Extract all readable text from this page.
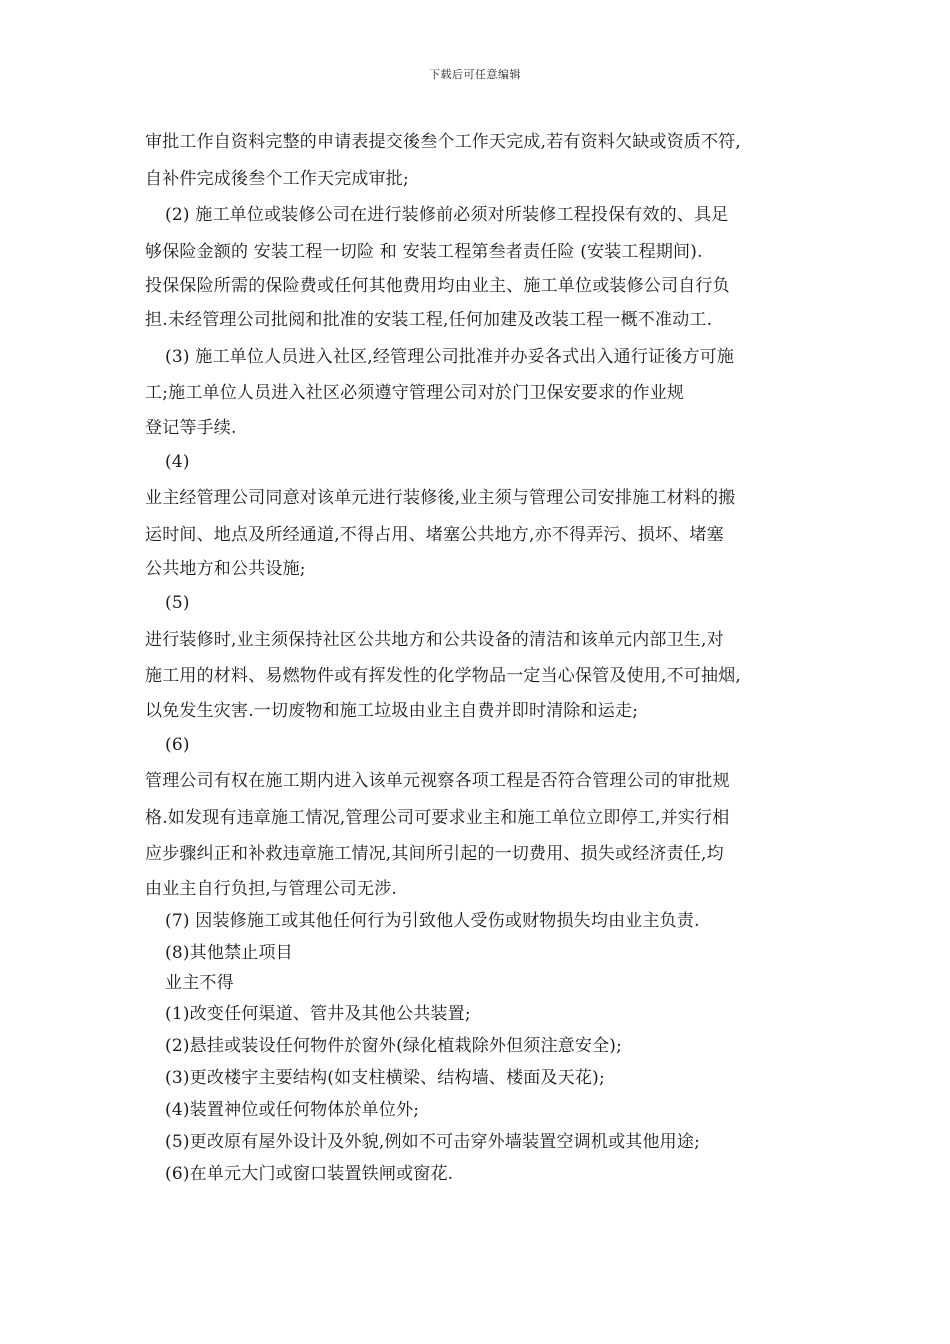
下载后可任意编辑
审批工作自资料完整的申请表提交後叁个工作天完成,若有资料欠缺或资质不符,
自补件完成後叁个工作天完成审批;
(2) 施工单位或装修公司在进行装修前必须对所装修工程投保有效的、具足
够保险金额的 安装工程一切险 和 安装工程第叁者责任险 (安装工程期间).
投保保险所需的保险费或任何其他费用均由业主、施工单位或装修公司自行负
担.未经管理公司批阅和批准的安装工程,任何加建及改装工程一概不准动工.
(3) 施工单位人员进入社区,经管理公司批准并办妥各式出入通行证後方可施
工;施工单位人员进入社区必须遵守管理公司对於门卫保安要求的作业规
登记等手续.
(4)
业主经管理公司同意对该单元进行装修後,业主须与管理公司安排施工材料的搬
运时间、地点及所经通道,不得占用、堵塞公共地方,亦不得弄污、损坏、堵塞
公共地方和公共设施;
(5)
进行装修时,业主须保持社区公共地方和公共设备的清洁和该单元内部卫生,对
施工用的材料、易燃物件或有挥发性的化学物品一定当心保管及使用,不可抽烟,
以免发生灾害.一切废物和施工垃圾由业主自费并即时清除和运走;
(6)
管理公司有权在施工期内进入该单元视察各项工程是否符合管理公司的审批规
格.如发现有违章施工情况,管理公司可要求业主和施工单位立即停工,并实行相
应步骤纠正和补救违章施工情况,其间所引起的一切费用、损失或经济责任,均
由业主自行负担,与管理公司无涉.
(7) 因装修施工或其他任何行为引致他人受伤或财物损失均由业主负责.
(8)其他禁止项目
业主不得
(1)改变任何渠道、管井及其他公共装置;
(2)悬挂或装设任何物件於窗外(绿化植栽除外但须注意安全);
(3)更改楼宇主要结构(如支柱横梁、结构墙、楼面及天花);
(4)装置神位或任何物体於单位外;
(5)更改原有屋外设计及外貌,例如不可击穿外墙装置空调机或其他用途;
(6)在单元大门或窗口装置铁闸或窗花.
